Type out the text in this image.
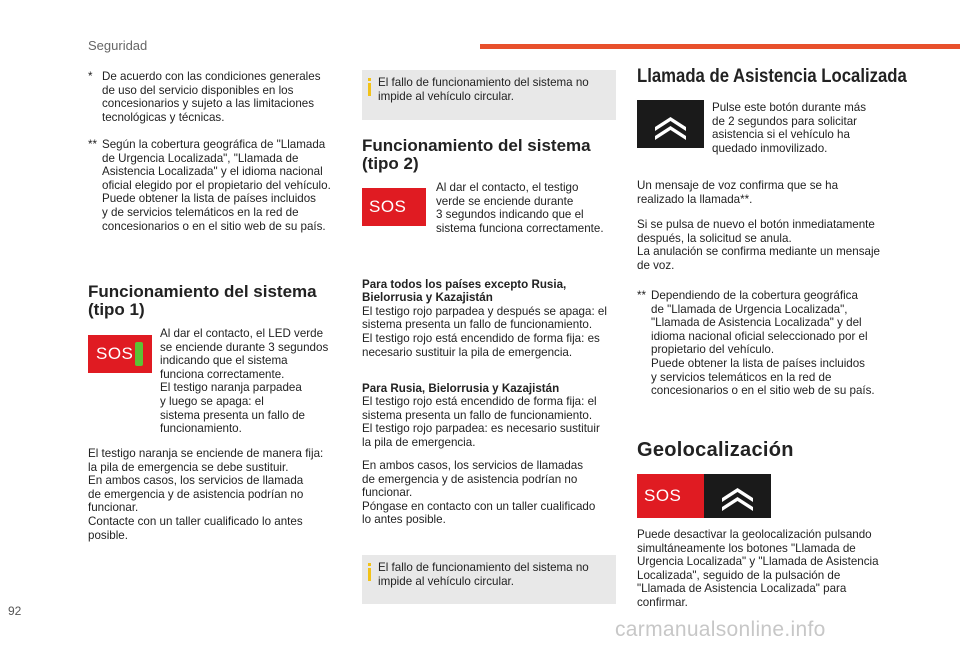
Seguridad
* De acuerdo con las condiciones generales
de uso del servicio disponibles en los
concesionarios y sujeto a las limitaciones
tecnológicas y técnicas.
** Según la cobertura geográfica de "Llamada
de Urgencia Localizada", "Llamada de
Asistencia Localizada" y el idioma nacional
oficial elegido por el propietario del vehículo.
Puede obtener la lista de países incluidos
y de servicios telemáticos en la red de
concesionarios o en el sitio web de su país.
Funcionamiento del sistema
(tipo 1)
SOS
Al dar el contacto, el LED verde
se enciende durante 3 segundos
indicando que el sistema
funciona correctamente.
El testigo naranja parpadea
y luego se apaga: el
sistema presenta un fallo de
funcionamiento.
El testigo naranja se enciende de manera fija:
la pila de emergencia se debe sustituir.
En ambos casos, los servicios de llamada
de emergencia y de asistencia podrían no
funcionar.
Contacte con un taller cualificado lo antes
posible.
El fallo de funcionamiento del sistema no
impide al vehículo circular.
Funcionamiento del sistema
(tipo 2)
SOS
Al dar el contacto, el testigo
verde se enciende durante
3 segundos indicando que el
sistema funciona correctamente.

Para todos los países excepto Rusia,
Bielorrusia y Kazajistán

El testigo rojo parpadea y después se apaga: el
sistema presenta un fallo de funcionamiento.
El testigo rojo está encendido de forma fija: es
necesario sustituir la pila de emergencia.

Para Rusia, Bielorrusia y Kazajistán

El testigo rojo está encendido de forma fija: el
sistema presenta un fallo de funcionamiento.
El testigo rojo parpadea: es necesario sustituir
la pila de emergencia.

En ambos casos, los servicios de llamadas
de emergencia y de asistencia podrían no
funcionar.
Póngase en contacto con un taller cualificado
lo antes posible.
El fallo de funcionamiento del sistema no
impide al vehículo circular.
Llamada de Asistencia Localizada
Pulse este botón durante más
de 2 segundos para solicitar
asistencia si el vehículo ha
quedado inmovilizado.
Un mensaje de voz confirma que se ha
realizado la llamada**.
Si se pulsa de nuevo el botón inmediatamente
después, la solicitud se anula.
La anulación se confirma mediante un mensaje
de voz.
** Dependiendo de la cobertura geográfica
de "Llamada de Urgencia Localizada",
"Llamada de Asistencia Localizada" y del
idioma nacional oficial seleccionado por el
propietario del vehículo.
Puede obtener la lista de países incluidos
y servicios telemáticos en la red de
concesionarios o en el sitio web de su país.
Geolocalización
SOS
Puede desactivar la geolocalización pulsando
simultáneamente los botones "Llamada de
Urgencia Localizada" y "Llamada de Asistencia
Localizada", seguido de la pulsación de
"Llamada de Asistencia Localizada" para
confirmar.
92
carmanualsonline.info
